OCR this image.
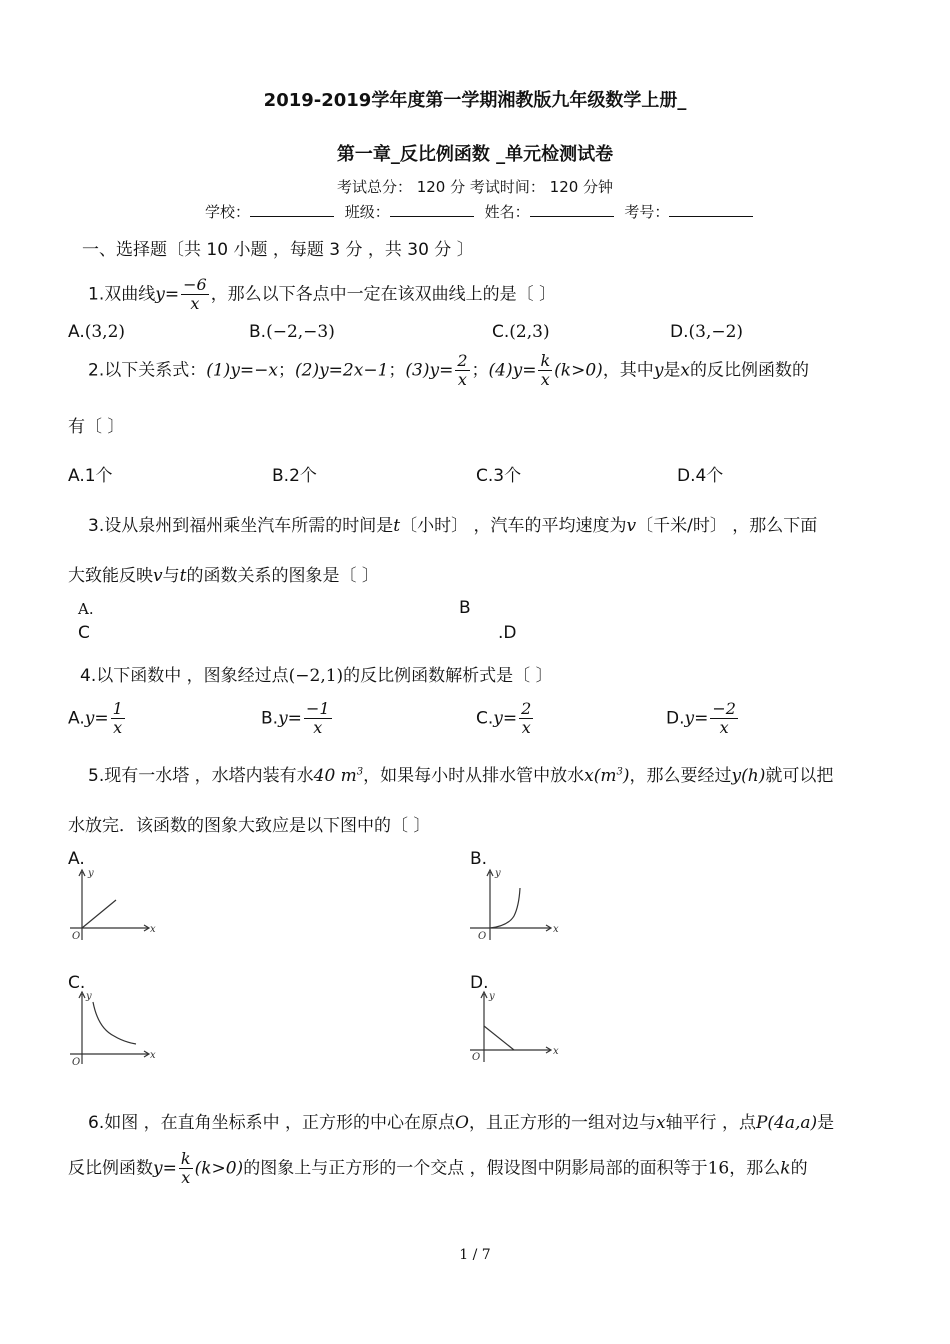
2019-2019学年度第一学期湘教版九年级数学上册_
第一章_反比例函数 _单元检测试卷
考试总分： 120 分 考试时间： 120 分钟
学校：	班级：	姓名：	考号：
一、选择题〔共 10 小题 ，每题 3 分 ，共 30 分 〕
1.双曲线$y= \frac{-6}{x}$ ，那么以下各点中一定在该双曲线上的是〔 〕
A.(3,2)	B.(−2,−3)	C.(2,3)	D.(3,−2)
2.以下关系式：(1)y=−x；(2)y=2x−1；$(3)y= \frac{2}{x}$ ；$(4)y= \frac{k}{x} (k>0)$，其中y是x的反比例函数的
有〔 〕
A.1个	B.2个	C.3个	D.4个
3.设从泉州到福州乘坐汽车所需的时间是t〔小时〕 ，汽车的平均速度为v〔千米/时〕 ，那么下面
大致能反映v与t的函数关系的图象是〔 〕
A.	B
C	.D
4.以下函数中 ，图象经过点(−2,1)的反比例函数解析式是〔 〕
$A.y= \frac{1}{x}$	$B.y= \frac{-1}{x}$	$C.y= \frac{2}{x}$	$D.y= \frac{-2}{x}$
5.现有一水塔 ，水塔内装有水40 $m^3$，如果每小时从排水管中放水$x(m^3)$，那么要经过y(h)就可以把
水放完．该函数的图象大致应是以下图中的〔 〕
A.
x
y
O
B.
x
y
O
C.
x
y
O
D.
x
y
O
6.如图 ，在直角坐标系中 ，正方形的中心在原点O，且正方形的一组对边与x轴平行 ，点P(4a,a)是
反比例函数$y= \frac{k}{x} (k>0)$的图象上与正方形的一个交点 ，假设图中阴影局部的面积等于16，那么k的
1 / 7
